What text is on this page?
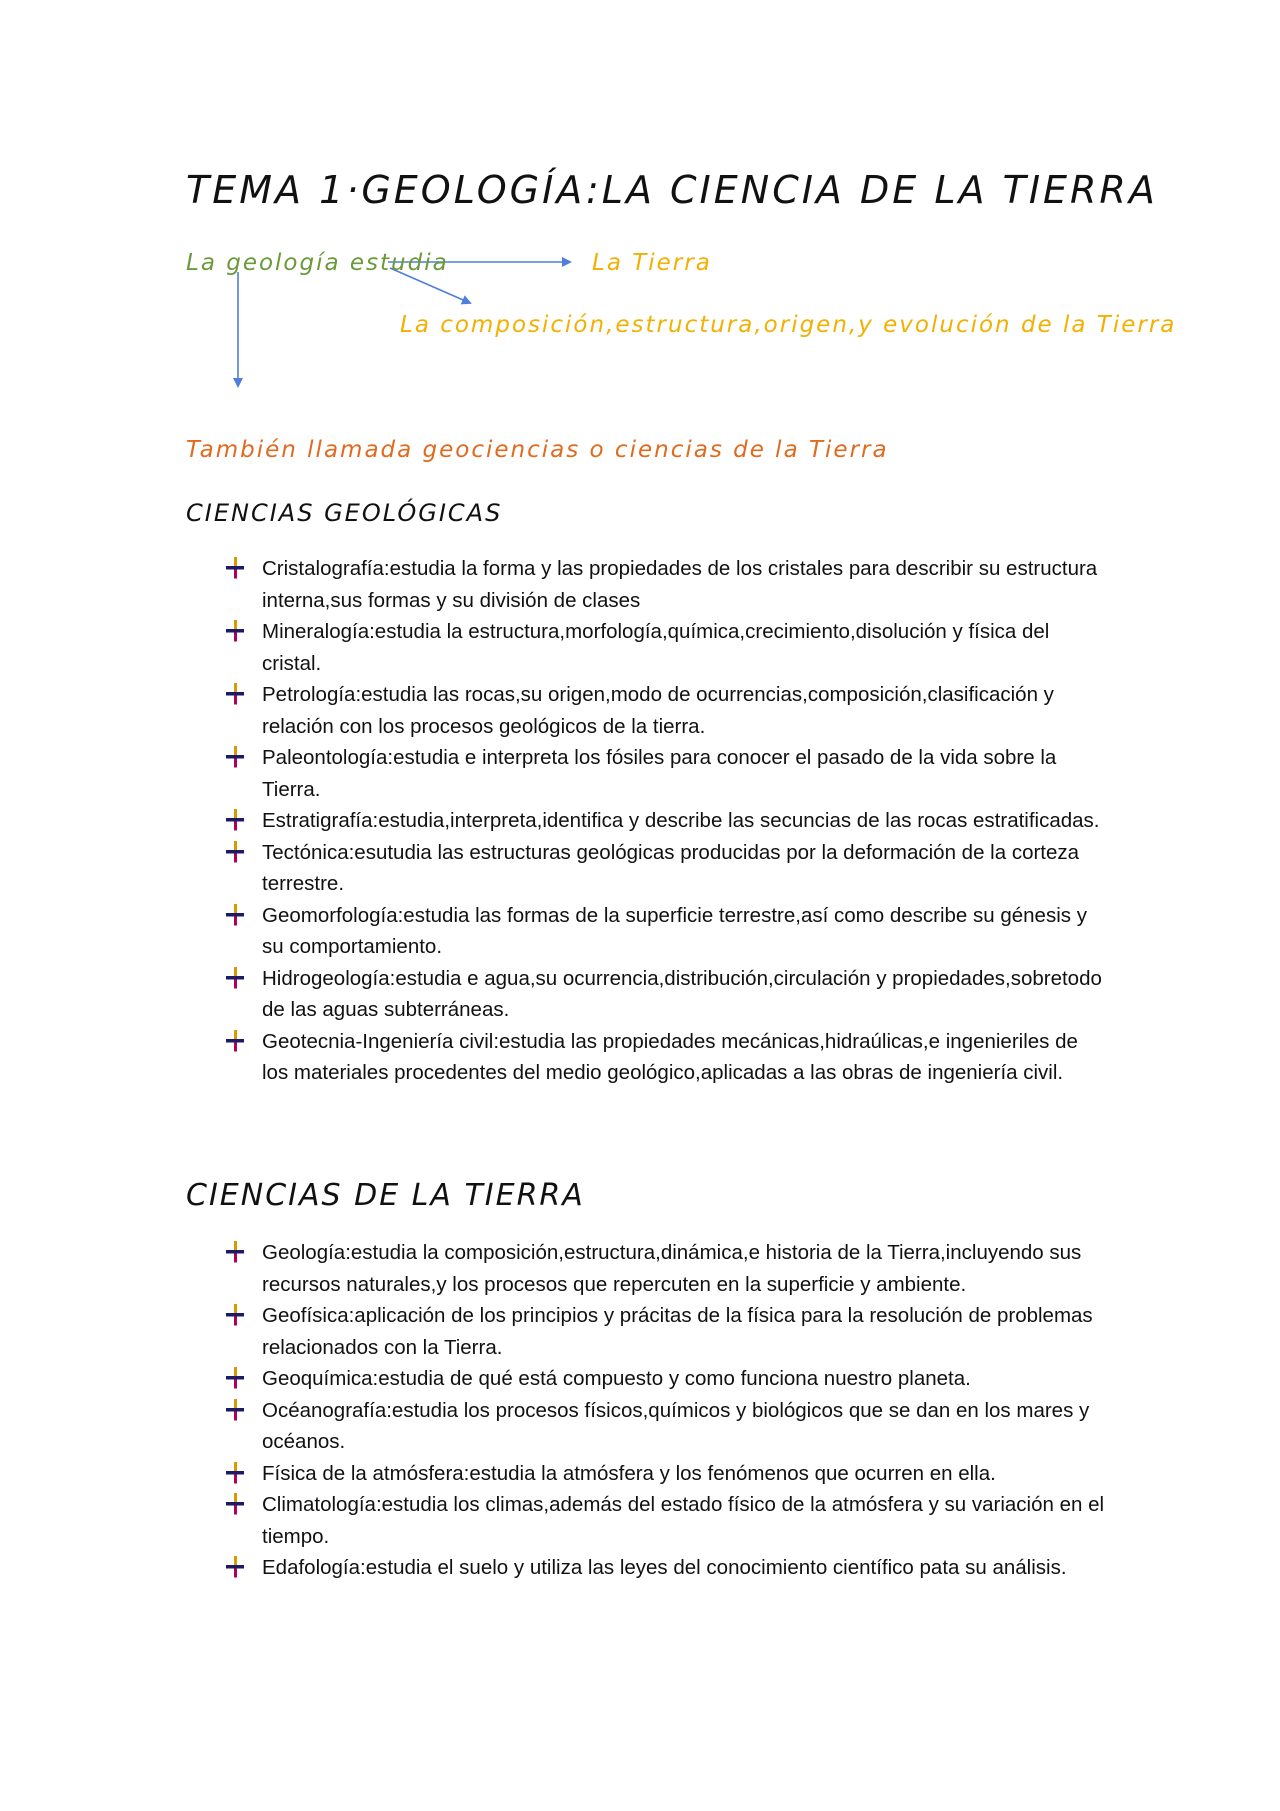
TEMA 1·GEOLOGÍA:LA CIENCIA DE LA TIERRA
La geología estudia	La Tierra
La composición,estructura,origen,y evolución de la Tierra
También llamada geociencias o ciencias de la Tierra
CIENCIAS GEOLÓGICAS
Cristalografía:estudia la forma y las propiedades de los cristales para describir su estructura interna,sus formas y su división de clases
Mineralogía:estudia la estructura,morfología,química,crecimiento,disolución y física del cristal.
Petrología:estudia las rocas,su origen,modo de ocurrencias,composición,clasificación y relación con los procesos geológicos de la tierra.
Paleontología:estudia e interpreta los fósiles para conocer el pasado de la vida sobre la Tierra.
Estratigrafía:estudia,interpreta,identifica y describe las secuncias de las rocas estratificadas.
Tectónica:esutudia las estructuras geológicas producidas por la deformación de la corteza terrestre.
Geomorfología:estudia las formas de la superficie terrestre,así como describe su génesis y su comportamiento.
Hidrogeología:estudia e agua,su ocurrencia,distribución,circulación y propiedades,sobretodo de las aguas subterráneas.
Geotecnia-Ingeniería civil:estudia las propiedades mecánicas,hidraúlicas,e ingenieriles de los materiales procedentes del medio geológico,aplicadas a las obras de ingeniería civil.
CIENCIAS DE LA TIERRA
Geología:estudia la composición,estructura,dinámica,e historia de la Tierra,incluyendo sus recursos naturales,y los procesos que repercuten en la superficie y ambiente.
Geofísica:aplicación de los principios y prácitas de la física para la resolución de problemas relacionados con la Tierra.
Geoquímica:estudia de qué está compuesto y como funciona nuestro planeta.
Océanografía:estudia los procesos físicos,químicos y biológicos que se dan en los mares y océanos.
Física de la atmósfera:estudia la atmósfera y los fenómenos que ocurren en ella.
Climatología:estudia los climas,además del estado físico de la atmósfera y su variación en el tiempo.
Edafología:estudia el suelo y utiliza las leyes del conocimiento científico pata su análisis.
